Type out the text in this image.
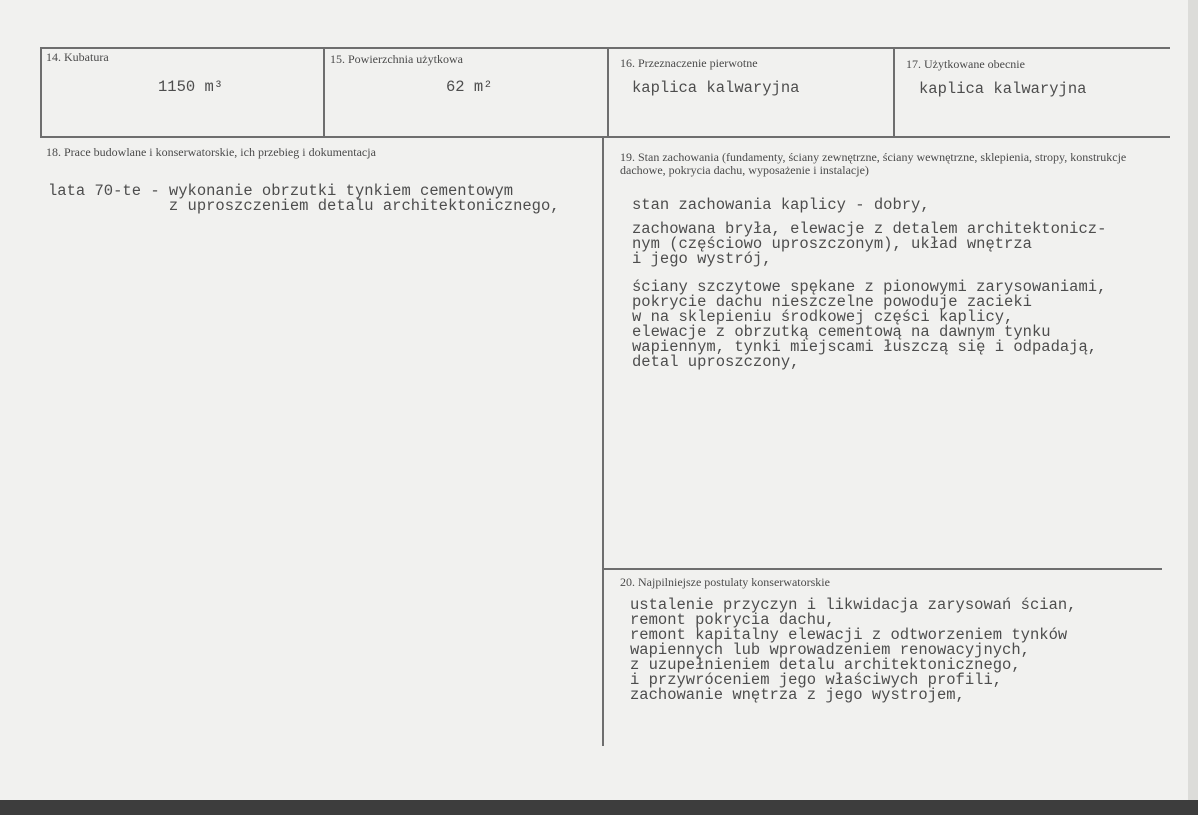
14. Kubatura

1150 m³

15. Powierzchnia użytkowa

62 m²

16. Przeznaczenie pierwotne

kaplica kalwaryjna

17. Użytkowane obecnie

kaplica kalwaryjna

18. Prace budowlane i konserwatorskie, ich przebieg i dokumentacja

lata 70-te - wykonanie obrzutki tynkiem cementowym

z uproszczeniem detalu architektonicznego,

19. Stan zachowania (fundamenty, ściany zewnętrzne, ściany wewnętrzne, sklepienia, stropy, konstrukcje dachowe, pokrycia dachu, wyposażenie i instalacje)

stan zachowania kaplicy - dobry,

zachowana bryła, elewacje z detalem architektonicz-

nym (częściowo uproszczonym), układ wnętrza

i jego wystrój,

ściany szczytowe spękane z pionowymi zarysowaniami,

pokrycie dachu nieszczelne powoduje zacieki

w na sklepieniu środkowej części kaplicy,

elewacje z obrzutką cementową na dawnym tynku

wapiennym, tynki miejscami łuszczą się i odpadają,

detal uproszczony,

20. Najpilniejsze postulaty konserwatorskie

ustalenie przyczyn i likwidacja zarysowań ścian,

remont pokrycia dachu,

remont kapitalny elewacji z odtworzeniem tynków

wapiennych lub wprowadzeniem renowacyjnych,

z uzupełnieniem detalu architektonicznego,

i przywróceniem jego właściwych profili,

zachowanie wnętrza z jego wystrojem,
